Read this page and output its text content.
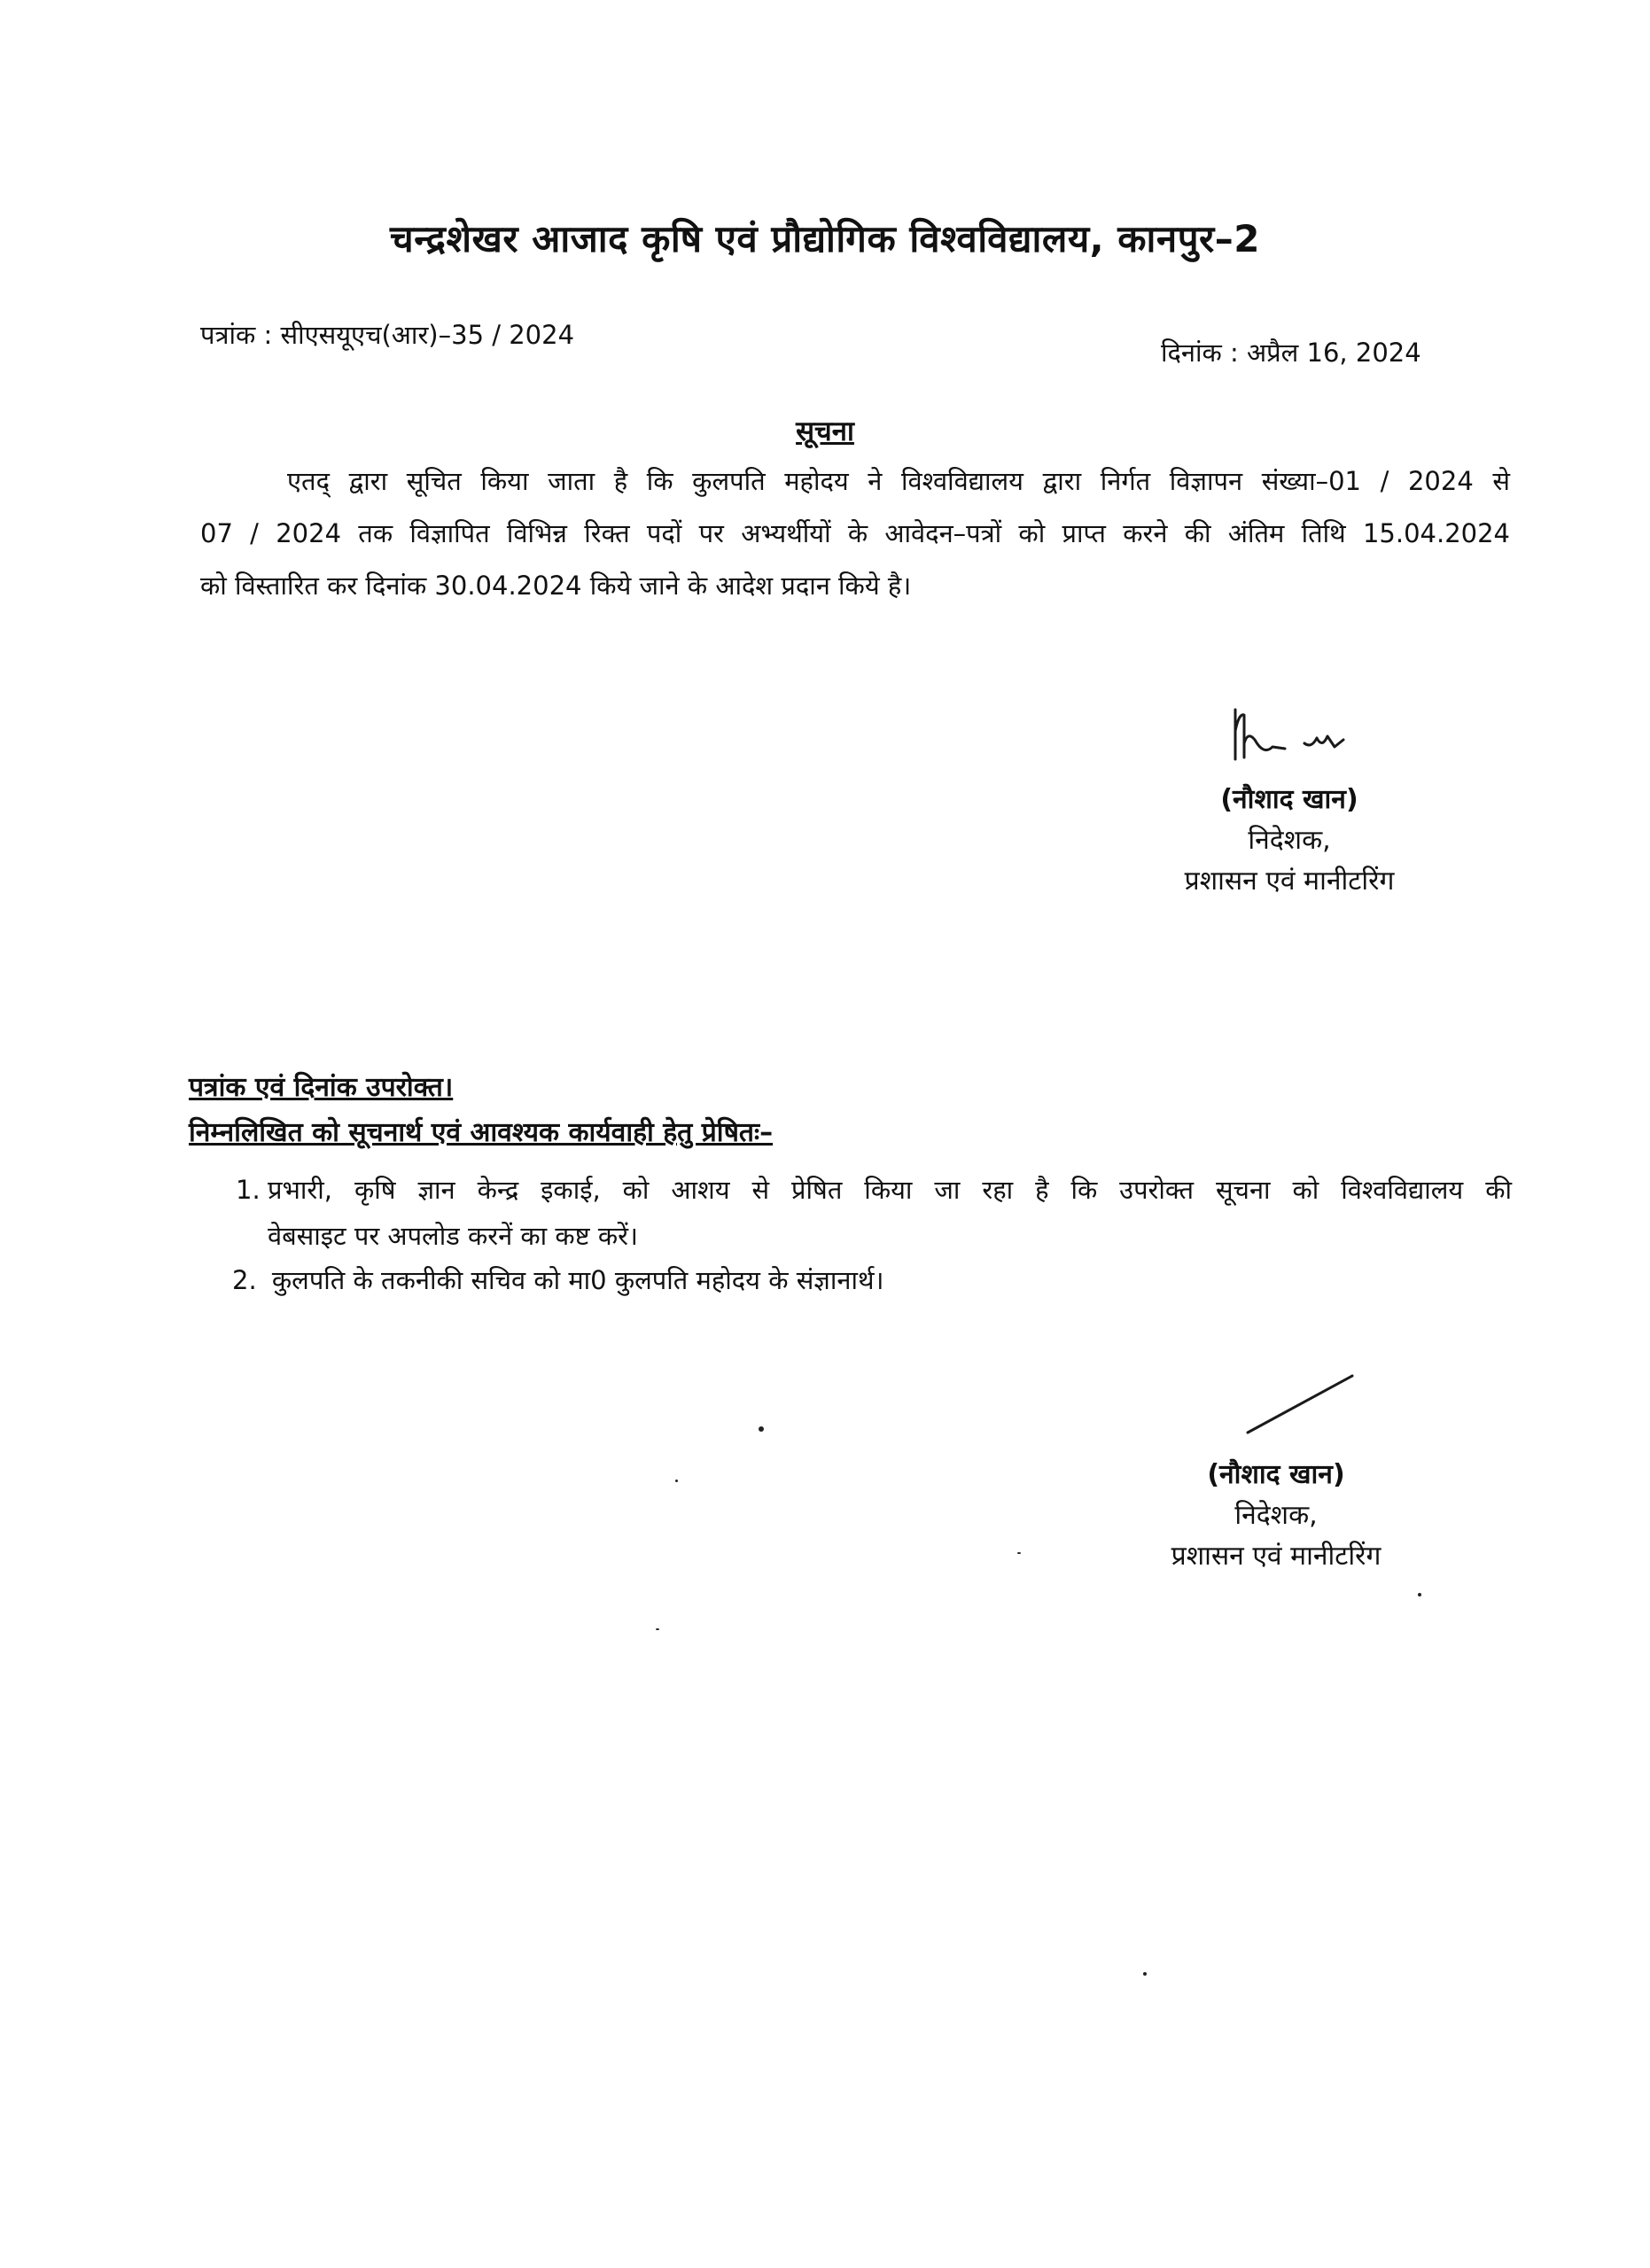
चन्द्रशेखर आजाद कृषि एवं प्रौद्योगिक विश्वविद्यालय, कानपुर–2
पत्रांक : सीएसयूएच(आर)–35 / 2024
दिनांक : अप्रैल 16, 2024
सूचना
एतद् द्वारा सूचित किया जाता है कि कुलपति महोदय ने विश्वविद्यालय द्वारा निर्गत विज्ञापन संख्या–01 / 2024 से
07 / 2024 तक विज्ञापित विभिन्न रिक्त पदों पर अभ्यर्थीयों के आवेदन–पत्रों को प्राप्त करने की अंतिम तिथि 15.04.2024
को विस्तारित कर दिनांक 30.04.2024 किये जाने के आदेश प्रदान किये है।
(नौशाद खान)
निदेशक,
प्रशासन एवं मानीटरिंग
पत्रांक एवं दिनांक उपरोक्त।
निम्नलिखित को सूचनार्थ एवं आवश्यक कार्यवाही हेतु प्रेषितः–
1. प्रभारी, कृषि ज्ञान केन्द्र इकाई, को आशय से प्रेषित किया जा रहा है कि उपरोक्त सूचना को विश्वविद्यालय की
वेबसाइट पर अपलोड करनें का कष्ट करें।
2. कुलपति के तकनीकी सचिव को मा0 कुलपति महोदय के संज्ञानार्थ।
(नौशाद खान)
निदेशक,
प्रशासन एवं मानीटरिंग
